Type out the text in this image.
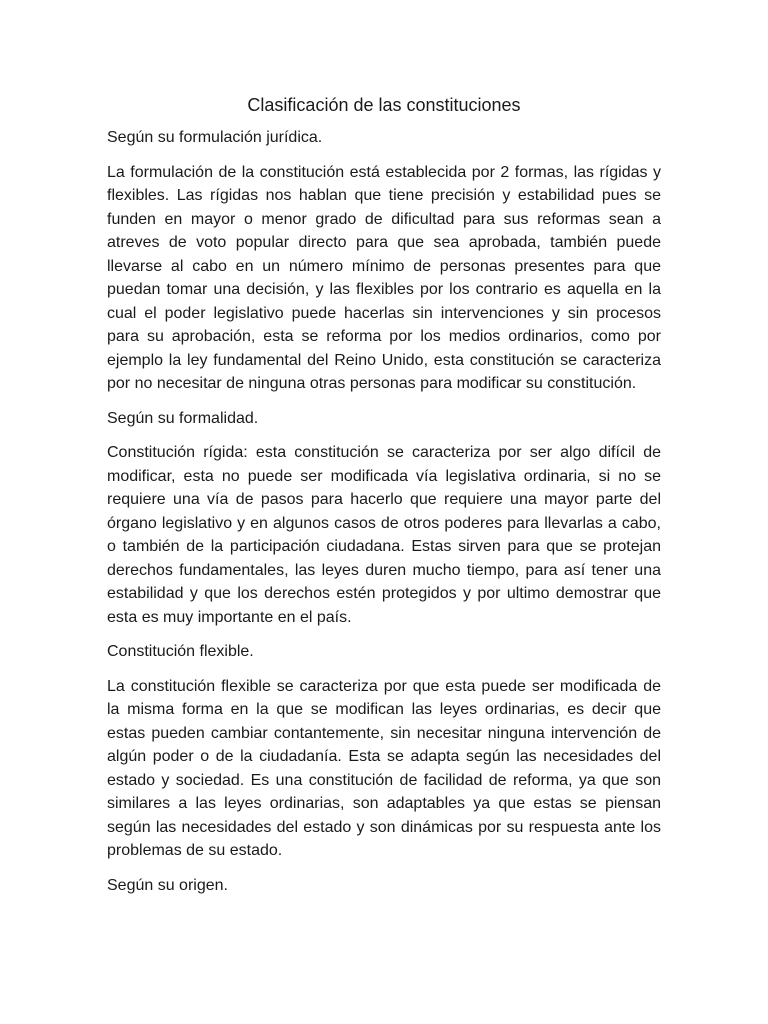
Clasificación de las constituciones

Según su formulación jurídica.

La formulación de la constitución está establecida por 2 formas, las rígidas y flexibles. Las rígidas nos hablan que tiene precisión y estabilidad pues se funden en mayor o menor grado de dificultad para sus reformas sean a atreves de voto popular directo para que sea aprobada, también puede llevarse al cabo en un número mínimo de personas presentes para que puedan tomar una decisión, y las flexibles por los contrario es aquella en la cual el poder legislativo puede hacerlas sin intervenciones y sin procesos para su aprobación, esta se reforma por los medios ordinarios, como por ejemplo la ley fundamental del Reino Unido, esta constitución se caracteriza por no necesitar de ninguna otras personas para modificar su constitución.

Según su formalidad.

Constitución rígida: esta constitución se caracteriza por ser algo difícil de modificar, esta no puede ser modificada vía legislativa ordinaria, si no se requiere una vía de pasos para hacerlo que requiere una mayor parte del órgano legislativo y en algunos casos de otros poderes para llevarlas a cabo, o también de la participación ciudadana. Estas sirven para que se protejan derechos fundamentales, las leyes duren mucho tiempo, para así tener una estabilidad y que los derechos estén protegidos y por ultimo demostrar que esta es muy importante en el país.

Constitución flexible.

La constitución flexible se caracteriza por que esta puede ser modificada de la misma forma en la que se modifican las leyes ordinarias, es decir que estas pueden cambiar contantemente, sin necesitar ninguna intervención de algún poder o de la ciudadanía. Esta se adapta según las necesidades del estado y sociedad. Es una constitución de facilidad de reforma, ya que son similares a las leyes ordinarias, son adaptables ya que estas se piensan según las necesidades del estado y son dinámicas por su respuesta ante los problemas de su estado.

Según su origen.
